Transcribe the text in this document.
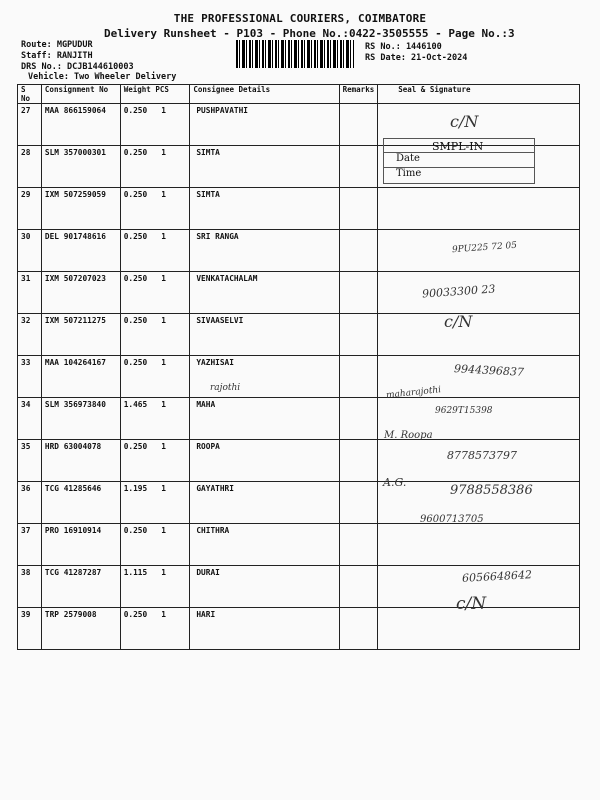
THE PROFESSIONAL COURIERS, COIMBATORE
Delivery Runsheet - P103 - Phone No.:0422-3505555 - Page No.:3
Route: MGPUDUR
Staff: RANJITH
DRS No.: DCJB144610003
Vehicle: Two Wheeler Delivery
RS No.: 1446100
RS Date: 21-Oct-2024
S No	Consignment No	Weight PCS	Consignee Details	Remarks	Seal & Signature
27	MAA 866159064	0.250 1	PUSHPAVATHI		
28	SLM 357000301	0.250 1	SIMTA		
29	IXM 507259059	0.250 1	SIMTA		
30	DEL 901748616	0.250 1	SRI RANGA		
31	IXM 507207023	0.250 1	VENKATACHALAM		
32	IXM 507211275	0.250 1	SIVAASELVI		
33	MAA 104264167	0.250 1	YAZHISAI		
34	SLM 356973840	1.465 1	MAHA		
35	HRD 63004078	0.250 1	ROOPA		
36	TCG 41285646	1.195 1	GAYATHRI		
37	PRO 16910914	0.250 1	CHITHRA		
38	TCG 41287287	1.115 1	DURAI		
39	TRP 2579008	0.250 1	HARI		
SMPL-IN
Date
Time
c/N
9PU225 72 05
90033300 23
c/N
9944396837
rajothi	maharajothi
9629T15398
M. Roopa
8778573797
A.G.
9788558386
9600713705
6056648642
c/N
